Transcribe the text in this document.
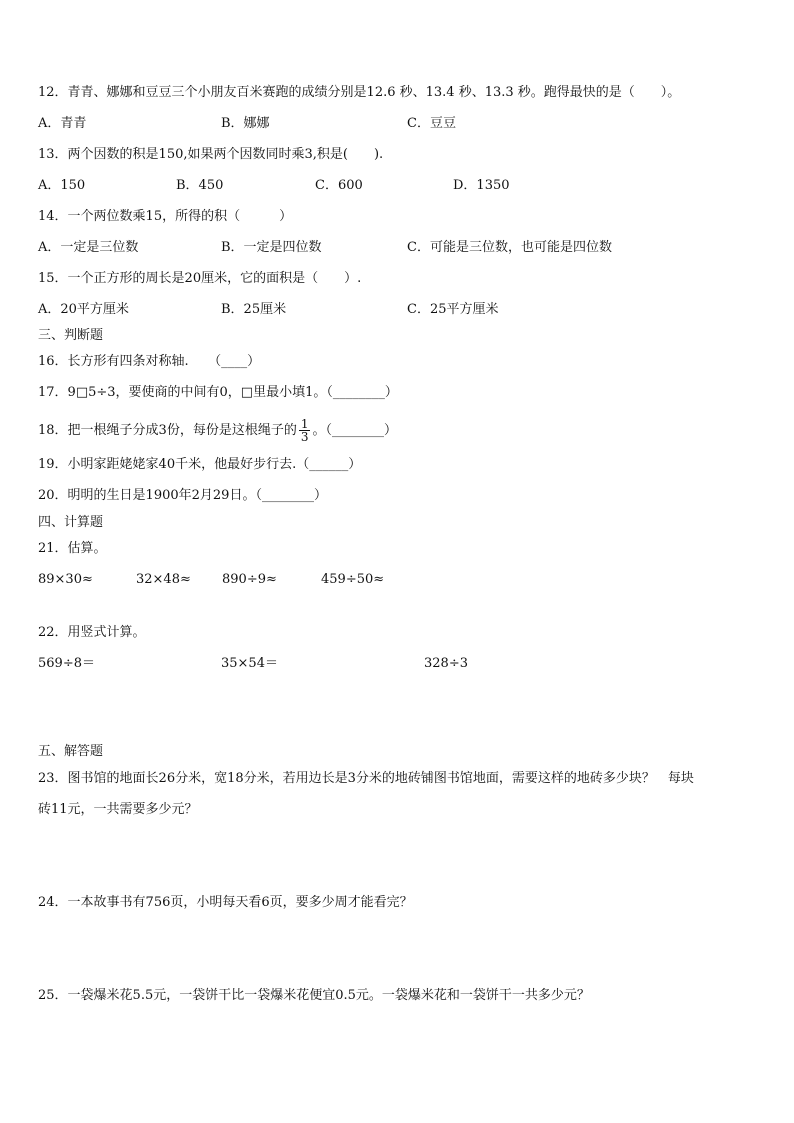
12．青青、娜娜和豆豆三个小朋友百米赛跑的成绩分别是12.6 秒、13.4 秒、13.3 秒。跑得最快的是（　　）。
A．青青	B．娜娜	C．豆豆
13．两个因数的积是150,如果两个因数同时乘3,积是(　　).
A．150	B．450	C．600	D．1350
14．一个两位数乘15，所得的积（　　　）
A．一定是三位数	B．一定是四位数	C．可能是三位数，也可能是四位数
15．一个正方形的周长是20厘米，它的面积是（　　）.
A．20平方厘米	B．25厘米	C．25平方厘米
三、判断题
16．长方形有四条对称轴.　　（____）
17．9□5÷3，要使商的中间有0，□里最小填1。（________）
18．把一根绳子分成3份，每份是这根绳子的 $\frac{1}{3}$ 。（________）
19．小明家距姥姥家40千米，他最好步行去.（______）
20．明明的生日是1900年2月29日。（________）
四、计算题
21．估算。
89×30≈	32×48≈ 890÷9≈	459÷50≈
22．用竖式计算。
569÷8＝	35×54＝	328÷3
五、解答题
23．图书馆的地面长26分米，宽18分米，若用边长是3分米的地砖铺图书馆地面，需要这样的地砖多少块？　每块
砖11元，一共需要多少元？
24．一本故事书有756页，小明每天看6页，要多少周才能看完？
25．一袋爆米花5.5元，一袋饼干比一袋爆米花便宜0.5元。一袋爆米花和一袋饼干一共多少元？
